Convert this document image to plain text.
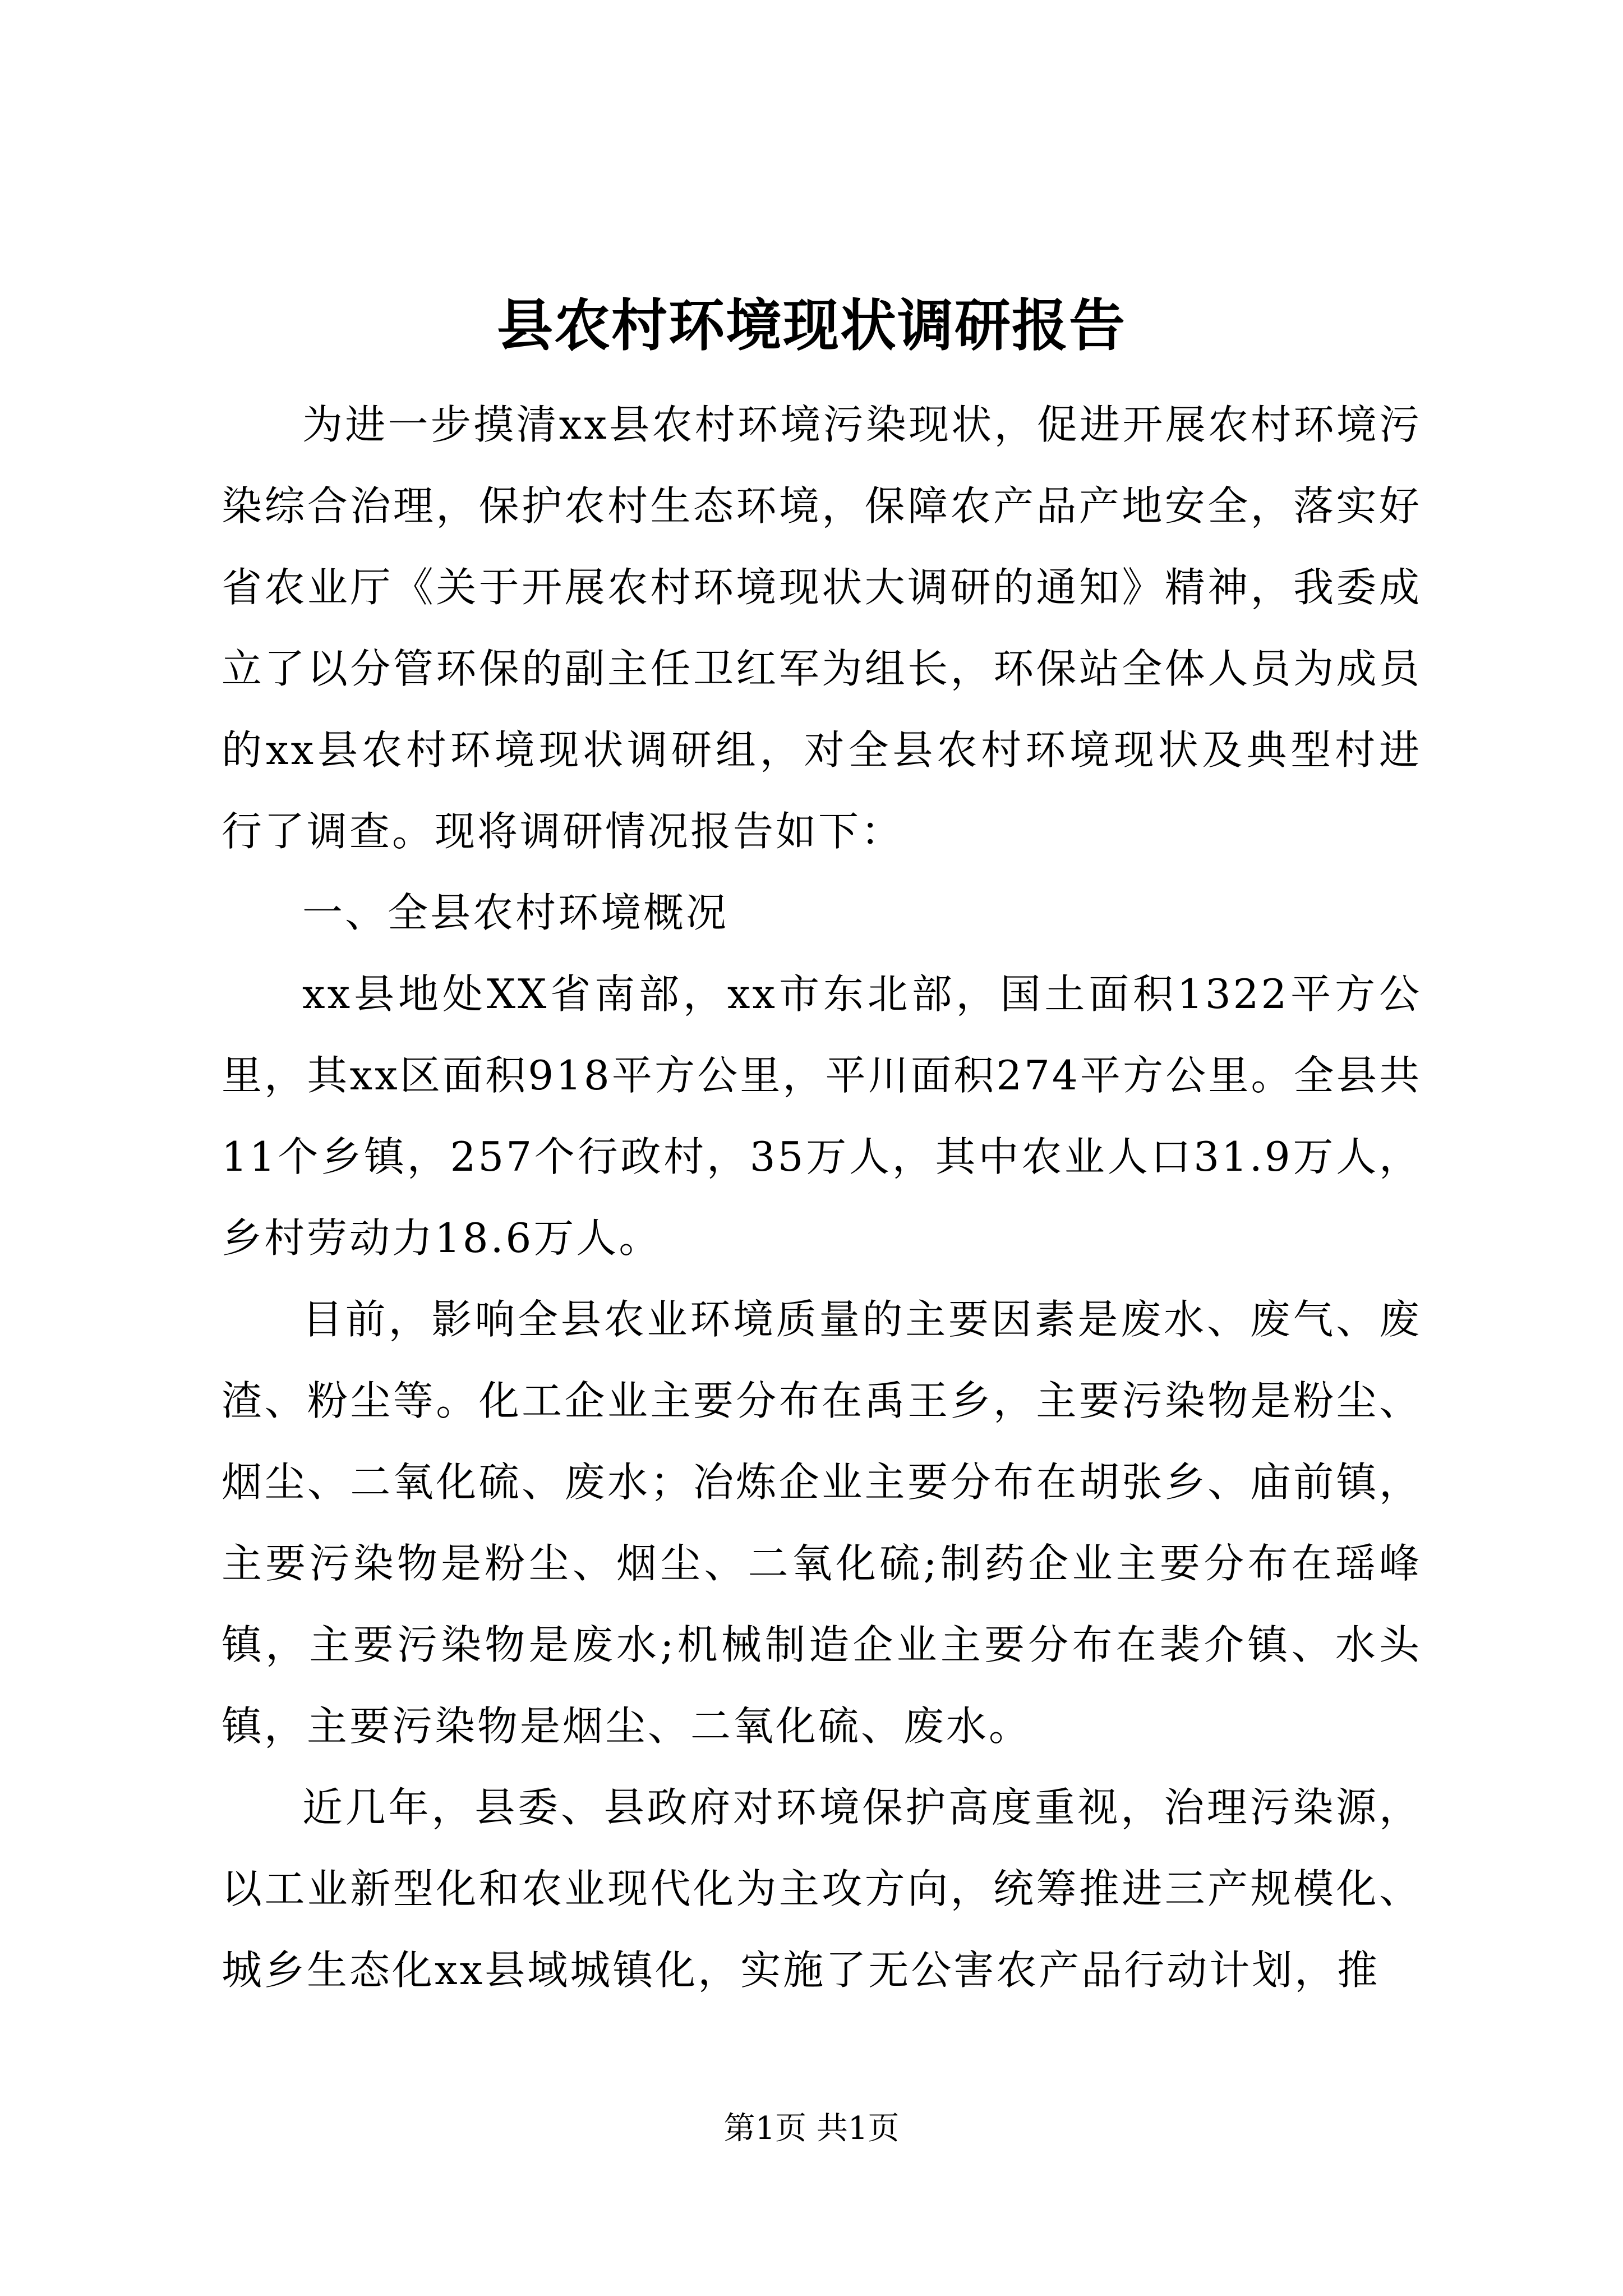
县农村环境现状调研报告

为进一步摸清xx县农村环境污染现状，促进开展农村环境污染综合治理，保护农村生态环境，保障农产品产地安全，落实好省农业厅《关于开展农村环境现状大调研的通知》精神，我委成立了以分管环保的副主任卫红军为组长，环保站全体人员为成员的xx县农村环境现状调研组，对全县农村环境现状及典型村进行了调查。现将调研情况报告如下：

一、全县农村环境概况

xx县地处XX省南部，xx市东北部，国土面积1322平方公里，其xx区面积918平方公里，平川面积274平方公里。全县共11个乡镇，257个行政村，35万人，其中农业人口31.9万人，乡村劳动力18.6万人。

目前，影响全县农业环境质量的主要因素是废水、废气、废渣、粉尘等。化工企业主要分布在禹王乡，主要污染物是粉尘、烟尘、二氧化硫、废水；冶炼企业主要分布在胡张乡、庙前镇，主要污染物是粉尘、烟尘、二氧化硫;制药企业主要分布在瑶峰镇，主要污染物是废水;机械制造企业主要分布在裴介镇、水头镇，主要污染物是烟尘、二氧化硫、废水。

近几年，县委、县政府对环境保护高度重视，治理污染源，以工业新型化和农业现代化为主攻方向，统筹推进三产规模化、城乡生态化xx县域城镇化，实施了无公害农产品行动计划，推

第1页 共1页
